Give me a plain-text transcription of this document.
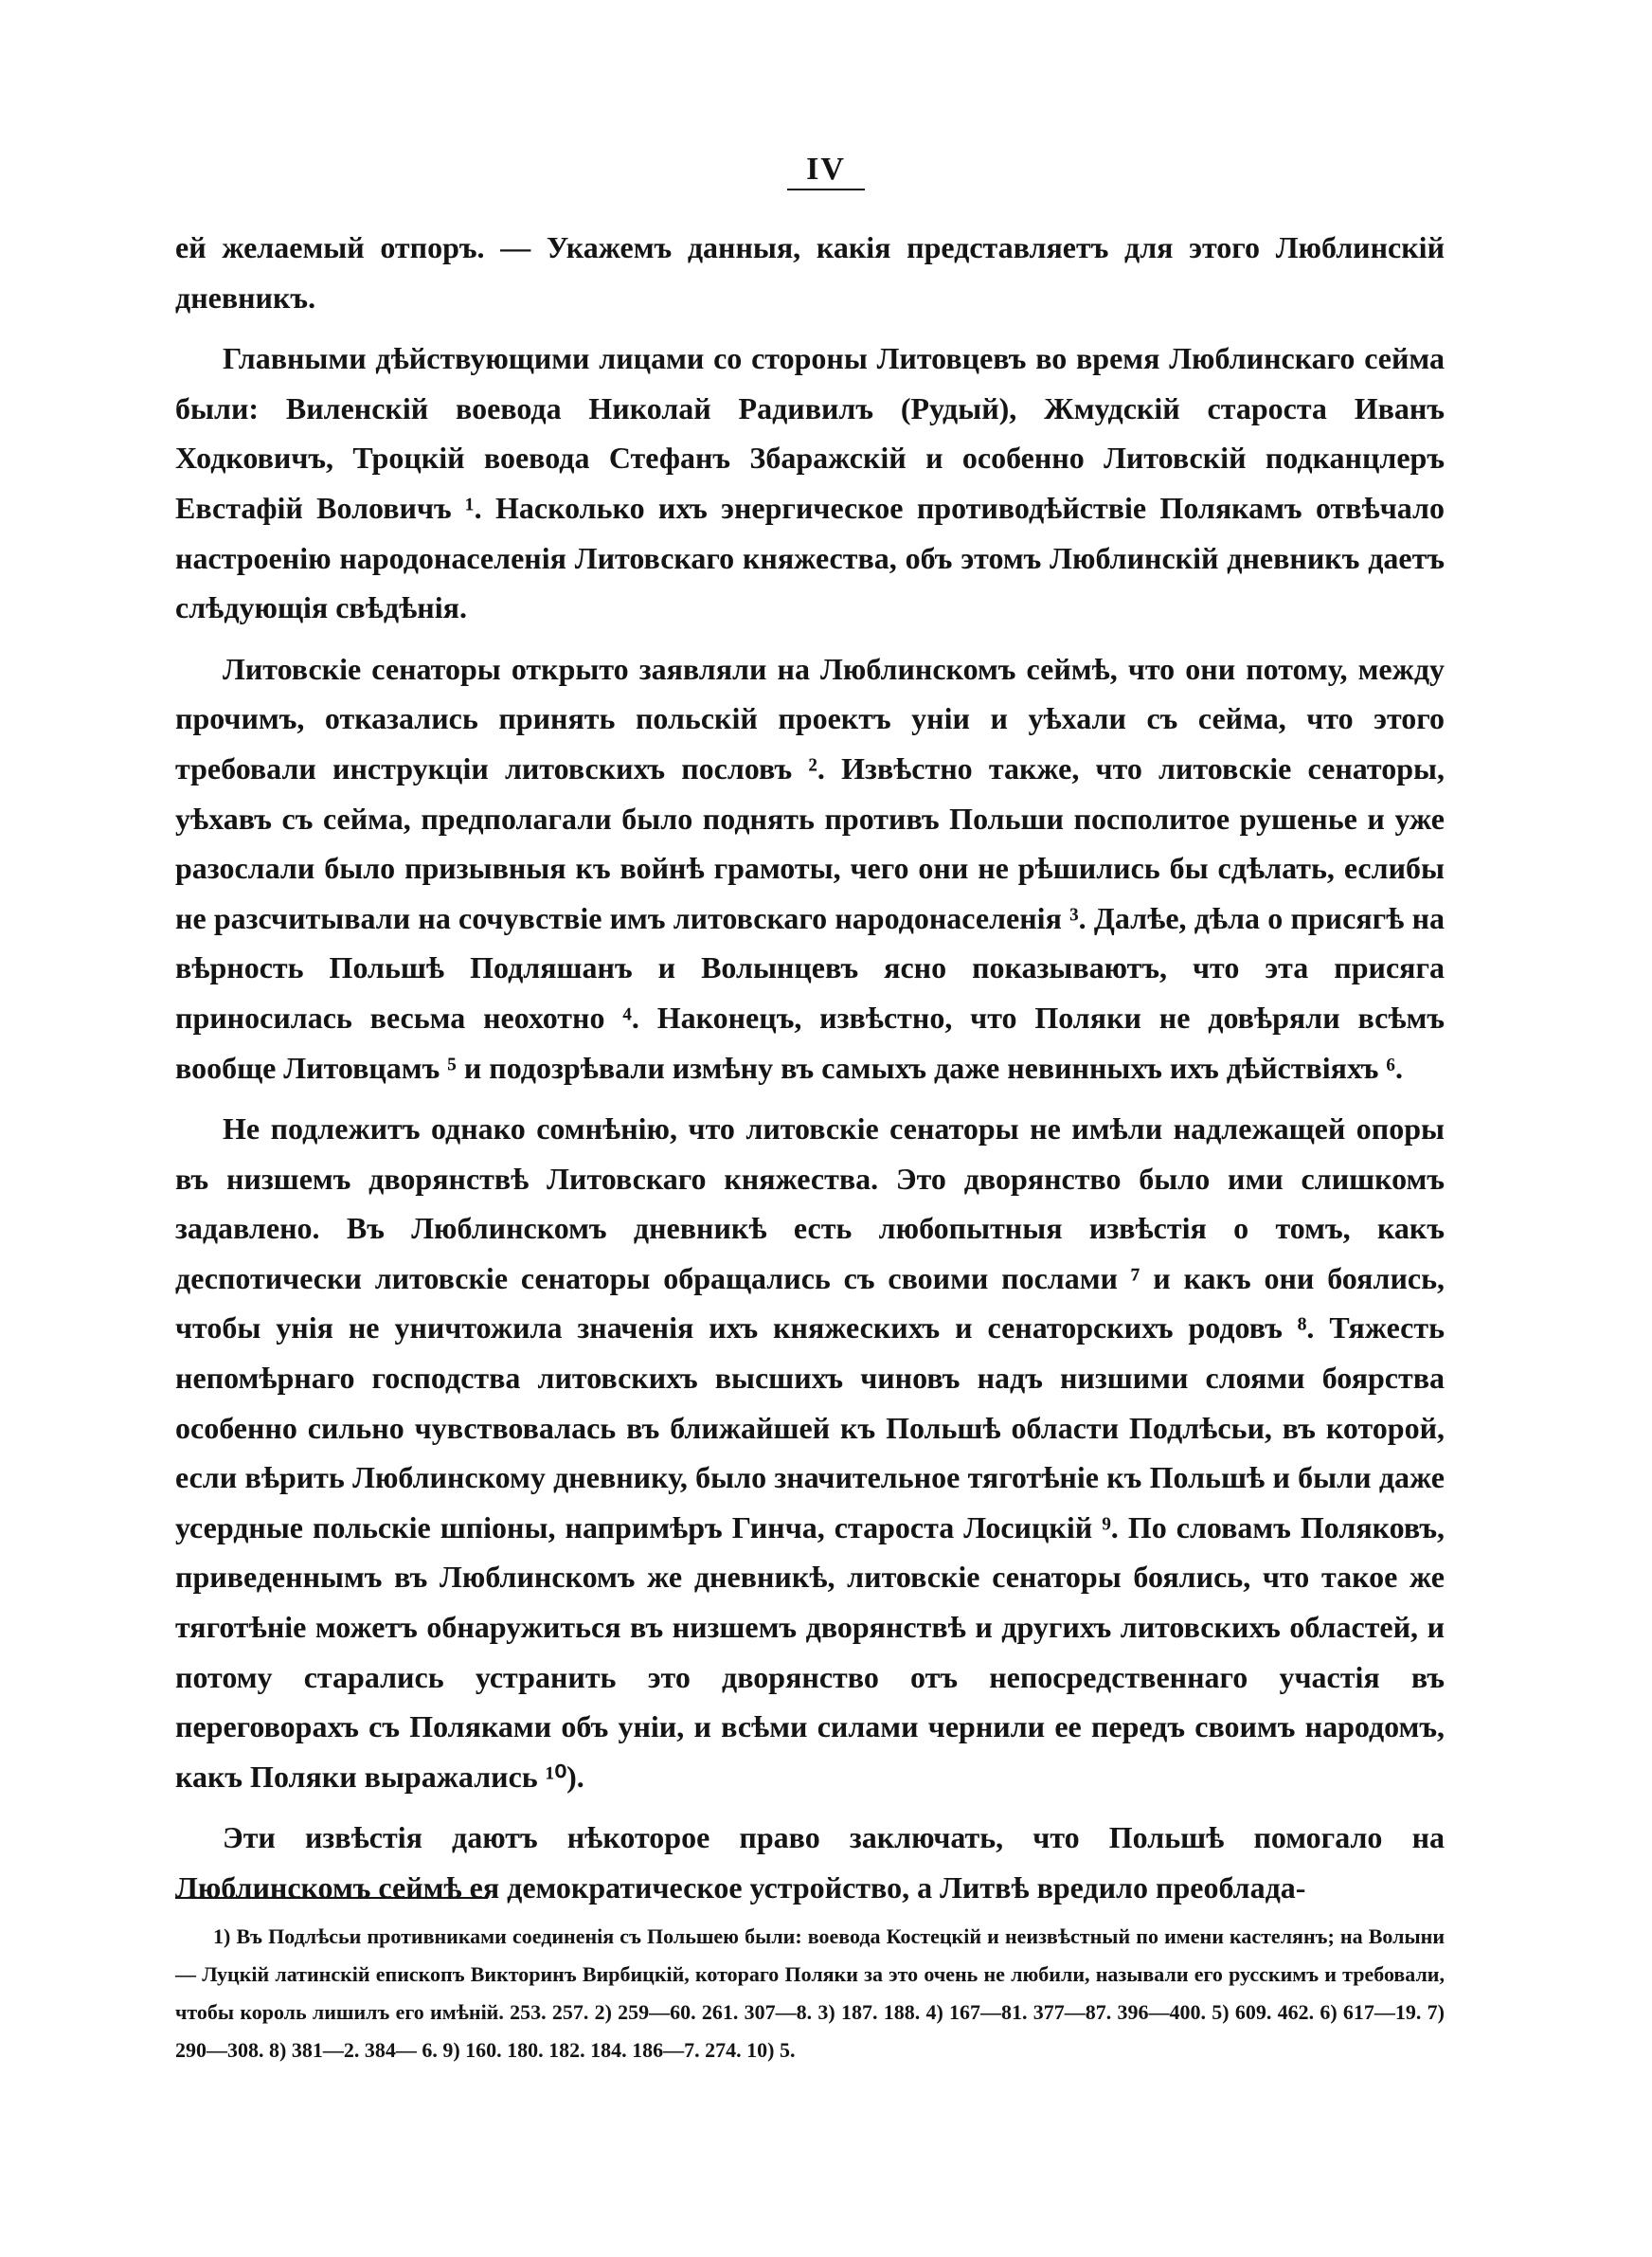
IV

ей желаемый отпоръ. — Укажемъ данныя, какія представляетъ для этого Люблинскій дневникъ.

Главными дѣйствующими лицами со стороны Литовцевъ во время Люблинскаго сейма были: Виленскій воевода Николай Радивилъ (Рудый), Жмудскій староста Иванъ Ходковичъ, Троцкій воевода Стефанъ Збаражскій и особенно Литовскій подканцлеръ Евстафій Воловичъ ¹. Насколько ихъ энергическое противодѣйствіе Полякамъ отвѣчало настроенію народонаселенія Литовскаго княжества, объ этомъ Люблинскій дневникъ даетъ слѣдующія свѣдѣнія.

Литовскіе сенаторы открыто заявляли на Люблинскомъ сеймѣ, что они потому, между прочимъ, отказались принять польскій проектъ уніи и уѣхали съ сейма, что этого требовали инструкціи литовскихъ пословъ ². Извѣстно также, что литовскіе сенаторы, уѣхавъ съ сейма, предполагали было поднять противъ Польши посполитое рушенье и уже разослали было призывныя къ войнѣ грамоты, чего они не рѣшились бы сдѣлать, еслибы не разсчитывали на сочувствіе имъ литовскаго народонаселенія ³. Далѣе, дѣла о присягѣ на вѣрность Польшѣ Подляшанъ и Волынцевъ ясно показываютъ, что эта присяга приносилась весьма неохотно ⁴. Наконецъ, извѣстно, что Поляки не довѣряли всѣмъ вообще Литовцамъ ⁵ и подозрѣвали измѣну въ самыхъ даже невинныхъ ихъ дѣйствіяхъ ⁶.

Не подлежитъ однако сомнѣнію, что литовскіе сенаторы не имѣли надлежащей опоры въ низшемъ дворянствѣ Литовскаго княжества. Это дворянство было ими слишкомъ задавлено. Въ Люблинскомъ дневникѣ есть любопытныя извѣстія о томъ, какъ деспотически литовскіе сенаторы обращались съ своими послами ⁷ и какъ они боялись, чтобы унія не уничтожила значенія ихъ княжескихъ и сенаторскихъ родовъ ⁸. Тяжесть непомѣрнаго господства литовскихъ высшихъ чиновъ надъ низшими слоями боярства особенно сильно чувствовалась въ ближайшей къ Польшѣ области Подлѣсьи, въ которой, если вѣрить Люблинскому дневнику, было значительное тяготѣніе къ Польшѣ и были даже усердные польскіе шпіоны, напримѣръ Гинча, староста Лосицкій ⁹. По словамъ Поляковъ, приведеннымъ въ Люблинскомъ же дневникѣ, литовскіе сенаторы боялись, что такое же тяготѣніе можетъ обнаружиться въ низшемъ дворянствѣ и другихъ литовскихъ областей, и потому старались устранить это дворянство отъ непосредственнаго участія въ переговорахъ съ Поляками объ уніи, и всѣми силами чернили ее передъ своимъ народомъ, какъ Поляки выражались ¹⁰).

Эти извѣстія даютъ нѣкоторое право заключать, что Польшѣ помогало на Люблинскомъ сеймѣ ея демократическое устройство, а Литвѣ вредило преоблада-

1) Въ Подлѣсьи противниками соединенія съ Польшею были: воевода Костецкій и неизвѣстный по имени кастелянъ; на Волыни — Луцкій латинскій епископъ Викторинъ Вирбицкій, котораго Поляки за это очень не любили, называли его русскимъ и требовали, чтобы король лишилъ его имѣній. 253. 257. 2) 259—60. 261. 307—8. 3) 187. 188. 4) 167—81. 377—87. 396—400. 5) 609. 462. 6) 617—19. 7) 290—308. 8) 381—2. 384— 6. 9) 160. 180. 182. 184. 186—7. 274. 10) 5.
